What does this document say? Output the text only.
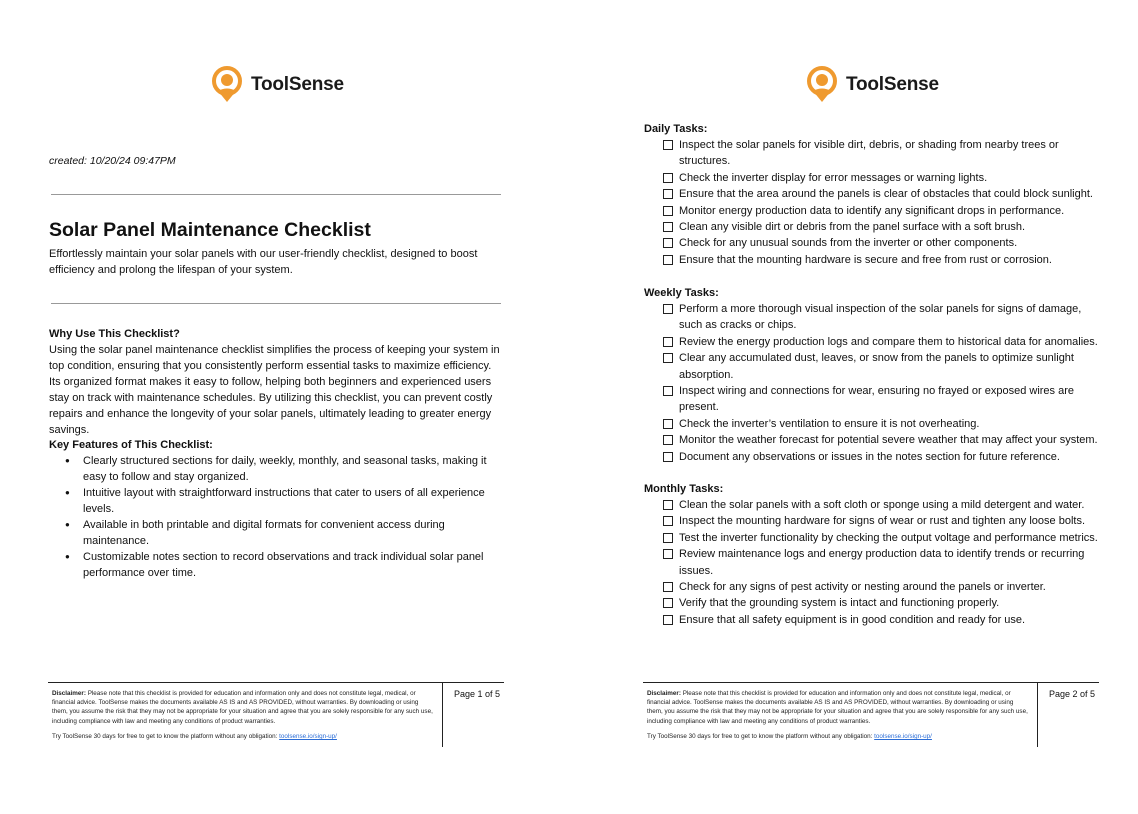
ToolSense
created: 10/20/24 09:47PM
Solar Panel Maintenance Checklist
Effortlessly maintain your solar panels with our user-friendly checklist, designed to boost efficiency and prolong the lifespan of your system.
Why Use This Checklist?
Using the solar panel maintenance checklist simplifies the process of keeping your system in top condition, ensuring that you consistently perform essential tasks to maximize efficiency. Its organized format makes it easy to follow, helping both beginners and experienced users stay on track with maintenance schedules. By utilizing this checklist, you can prevent costly repairs and enhance the longevity of your solar panels, ultimately leading to greater energy savings.
Key Features of This Checklist:
● Clearly structured sections for daily, weekly, monthly, and seasonal tasks, making it easy to follow and stay organized.
● Intuitive layout with straightforward instructions that cater to users of all experience levels.
● Available in both printable and digital formats for convenient access during maintenance.
● Customizable notes section to record observations and track individual solar panel performance over time.
Disclaimer: Please note that this checklist is provided for education and information only and does not constitute legal, medical, or financial advice. ToolSense makes the documents available AS IS and AS PROVIDED, without warranties. By downloading or using them, you assume the risk that they may not be appropriate for your situation and agree that you are solely responsible for any such use, including compliance with law and meeting any conditions of product warranties.
Try ToolSense 30 days for free to get to know the platform without any obligation: toolsense.io/sign-up/
Page 1 of 5
ToolSense
Daily Tasks:
Inspect the solar panels for visible dirt, debris, or shading from nearby trees or structures.
Check the inverter display for error messages or warning lights.
Ensure that the area around the panels is clear of obstacles that could block sunlight.
Monitor energy production data to identify any significant drops in performance.
Clean any visible dirt or debris from the panel surface with a soft brush.
Check for any unusual sounds from the inverter or other components.
Ensure that the mounting hardware is secure and free from rust or corrosion.
Weekly Tasks:
Perform a more thorough visual inspection of the solar panels for signs of damage, such as cracks or chips.
Review the energy production logs and compare them to historical data for anomalies.
Clear any accumulated dust, leaves, or snow from the panels to optimize sunlight absorption.
Inspect wiring and connections for wear, ensuring no frayed or exposed wires are present.
Check the inverter’s ventilation to ensure it is not overheating.
Monitor the weather forecast for potential severe weather that may affect your system.
Document any observations or issues in the notes section for future reference.
Monthly Tasks:
Clean the solar panels with a soft cloth or sponge using a mild detergent and water.
Inspect the mounting hardware for signs of wear or rust and tighten any loose bolts.
Test the inverter functionality by checking the output voltage and performance metrics.
Review maintenance logs and energy production data to identify trends or recurring issues.
Check for any signs of pest activity or nesting around the panels or inverter.
Verify that the grounding system is intact and functioning properly.
Ensure that all safety equipment is in good condition and ready for use.
Disclaimer: Please note that this checklist is provided for education and information only and does not constitute legal, medical, or financial advice. ToolSense makes the documents available AS IS and AS PROVIDED, without warranties. By downloading or using them, you assume the risk that they may not be appropriate for your situation and agree that you are solely responsible for any such use, including compliance with law and meeting any conditions of product warranties.
Try ToolSense 30 days for free to get to know the platform without any obligation: toolsense.io/sign-up/
Page 2 of 5
